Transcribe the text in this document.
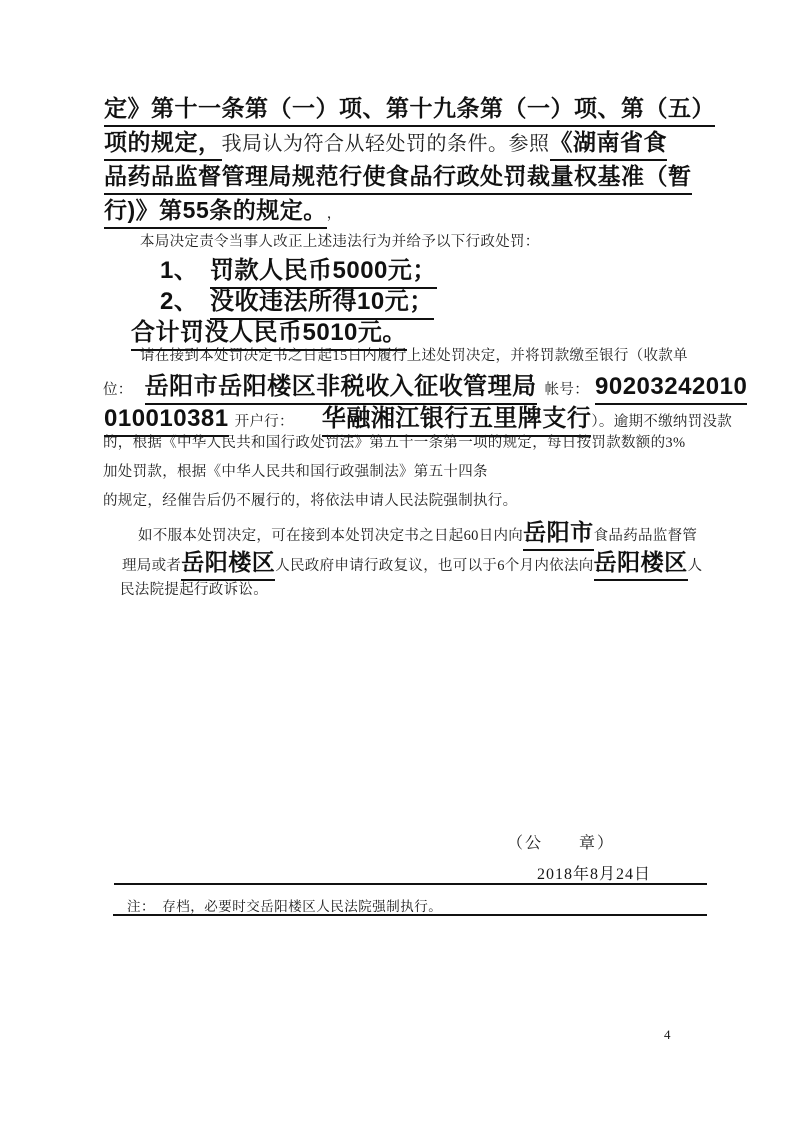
定》第十一条第（一）项、第十九条第（一）项、第（五）
项的规定， 我局认为符合从轻处罚的条件。参照 《湖南省食
品药品监督管理局规范行使食品行政处罚裁量权基准（暂
行)》第55条的规定。 ，
本局决定责令当事人改正上述违法行为并给予以下行政处罚：
1、 罚款人民币5000元；
2、 没收违法所得10元；
合计罚没人民币5010元。
请在接到本处罚决定书之日起15日内履行上述处罚决定，并将罚款缴至银行（收款单
位： 岳阳市岳阳楼区非税收入征收管理局 帐号： 90203242010
010010381 开户行： 华融湘江银行五里牌支行 ）。 逾期不缴纳罚没款
的，根据《中华人民共和国行政处罚法》第五十一条第一项的规定，每日按罚款数额的3%
加处罚款，根据《中华人民共和国行政强制法》第五十四条
的规定，经催告后仍不履行的，将依法申请人民法院强制执行。
如不服本处罚决定，可在接到本处罚决定书之日起60日内向 岳阳市 食品药品监督管
理局或者 岳阳楼区 人民政府申请行政复议，也可以于6个月内依法向 岳阳楼区 人
民法院提起行政诉讼。
（公　　章）
2018年8月24日
注：　存档，必要时交岳阳楼区人民法院强制执行。
4
